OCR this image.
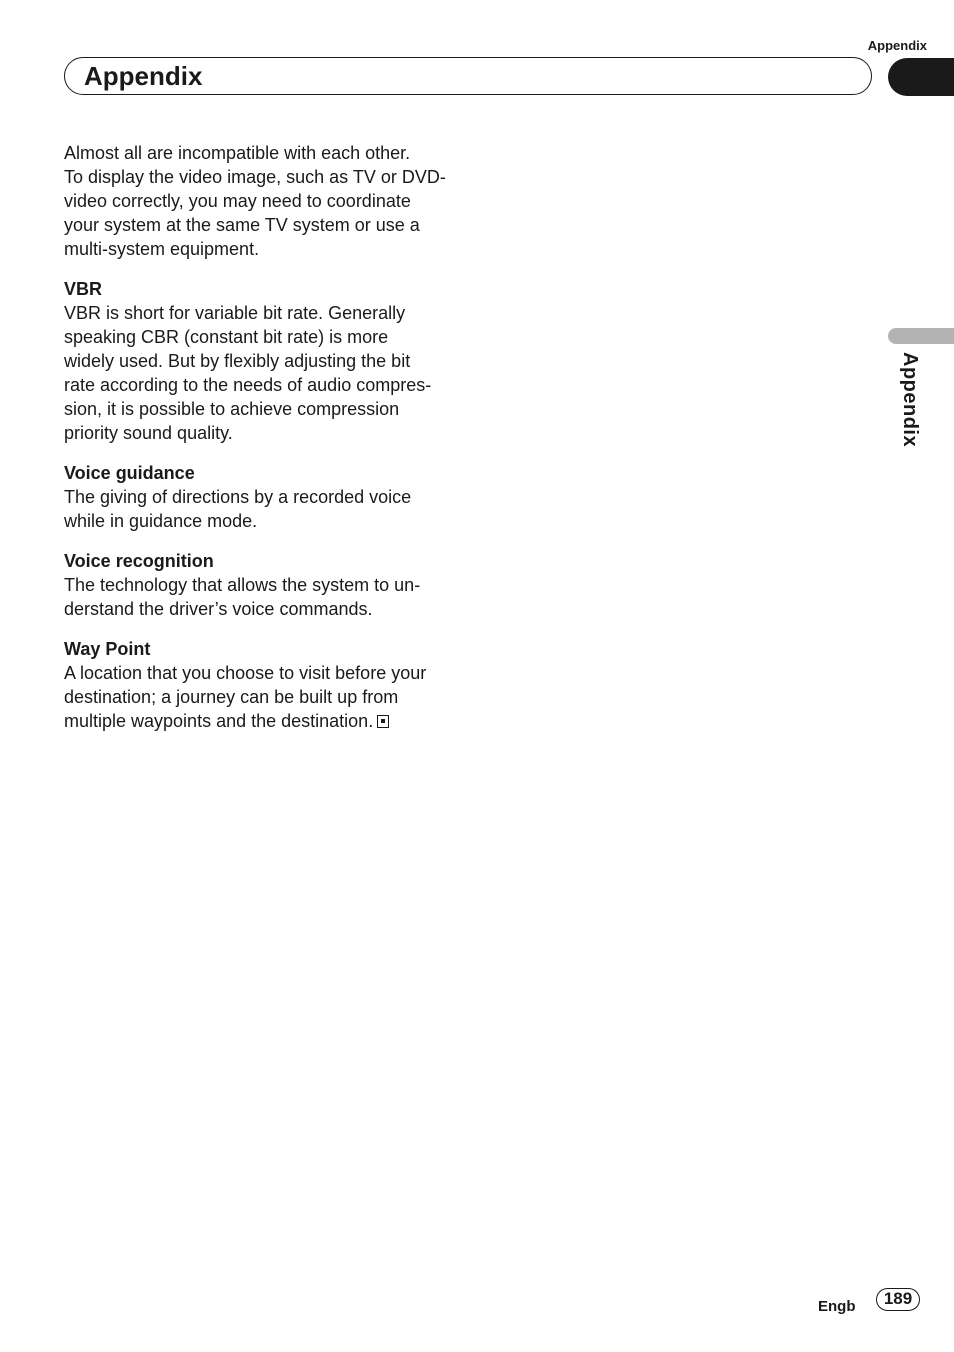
Appendix
Appendix
Appendix

Almost all are incompatible with each other.
To display the video image, such as TV or DVD-
video correctly, you may need to coordinate
your system at the same TV system or use a
multi-system equipment.

VBR

VBR is short for variable bit rate. Generally
speaking CBR (constant bit rate) is more
widely used. But by flexibly adjusting the bit
rate according to the needs of audio compres-
sion, it is possible to achieve compression
priority sound quality.

Voice guidance

The giving of directions by a recorded voice
while in guidance mode.

Voice recognition

The technology that allows the system to un-
derstand the driver’s voice commands.

Way Point

A location that you choose to visit before your
destination; a journey can be built up from
multiple waypoints and the destination.

Engb	189
